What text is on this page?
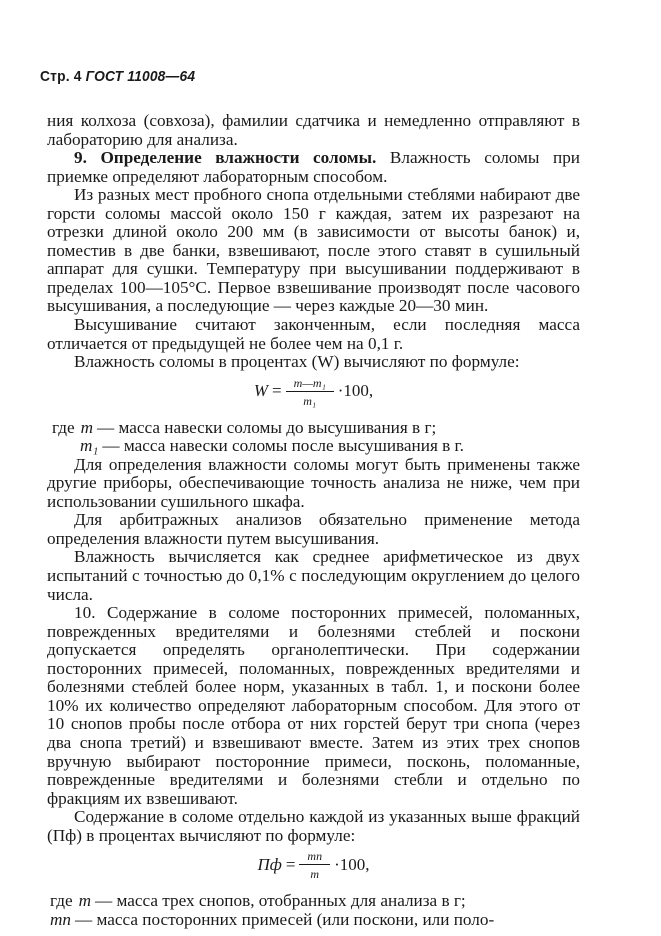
Стр. 4 ГОСТ 11008—64

ния колхоза (совхоза), фамилии сдатчика и немедленно отправляют в лабораторию для анализа.

9. Определение влажности соломы. Влажность соломы при приемке определяют лабораторным способом.

Из разных мест пробного снопа отдельными стеблями набирают две горсти соломы массой около 150 г каждая, затем их разрезают на отрезки длиной около 200 мм (в зависимости от высоты банок) и, поместив в две банки, взвешивают, после этого ставят в сушильный аппарат для сушки. Температуру при высушивании поддерживают в пределах 100—105°С. Первое взвешивание производят после часового высушивания, а последующие — через каждые 20—30 мин.

Высушивание считают законченным, если последняя масса отличается от предыдущей не более чем на 0,1 г.

Влажность соломы в процентах (W) вычисляют по формуле:

$W = \frac{\text{m—m₁}}{\text{m₁}} \cdot 100$,
где m — масса навески соломы до высушивания в г;
m₁ — масса навески соломы после высушивания в г.

Для определения влажности соломы могут быть применены также другие приборы, обеспечивающие точность анализа не ниже, чем при использовании сушильного шкафа.

Для арбитражных анализов обязательно применение метода определения влажности путем высушивания.

Влажность вычисляется как среднее арифметическое из двух испытаний с точностью до 0,1% с последующим округлением до целого числа.

10. Содержание в соломе посторонних примесей, поломанных, поврежденных вредителями и болезнями стеблей и поскони допускается определять органолептически. При содержании посторонних примесей, поломанных, поврежденных вредителями и болезнями стеблей более норм, указанных в табл. 1, и поскони более 10% их количество определяют лабораторным способом. Для этого от 10 снопов пробы после отбора от них горстей берут три снопа (через два снопа третий) и взвешивают вместе. Затем из этих трех снопов вручную выбирают посторонние примеси, посконь, поломанные, поврежденные вредителями и болезнями стебли и отдельно по фракциям их взвешивают.

Содержание в соломе отдельно каждой из указанных выше фракций (Пф) в процентах вычисляют по формуле:

Пф = $\frac{mп}{m} \cdot 100$,
где m — масса трех снопов, отобранных для анализа в г;
mп — масса посторонних примесей (или поскони, или поло-
